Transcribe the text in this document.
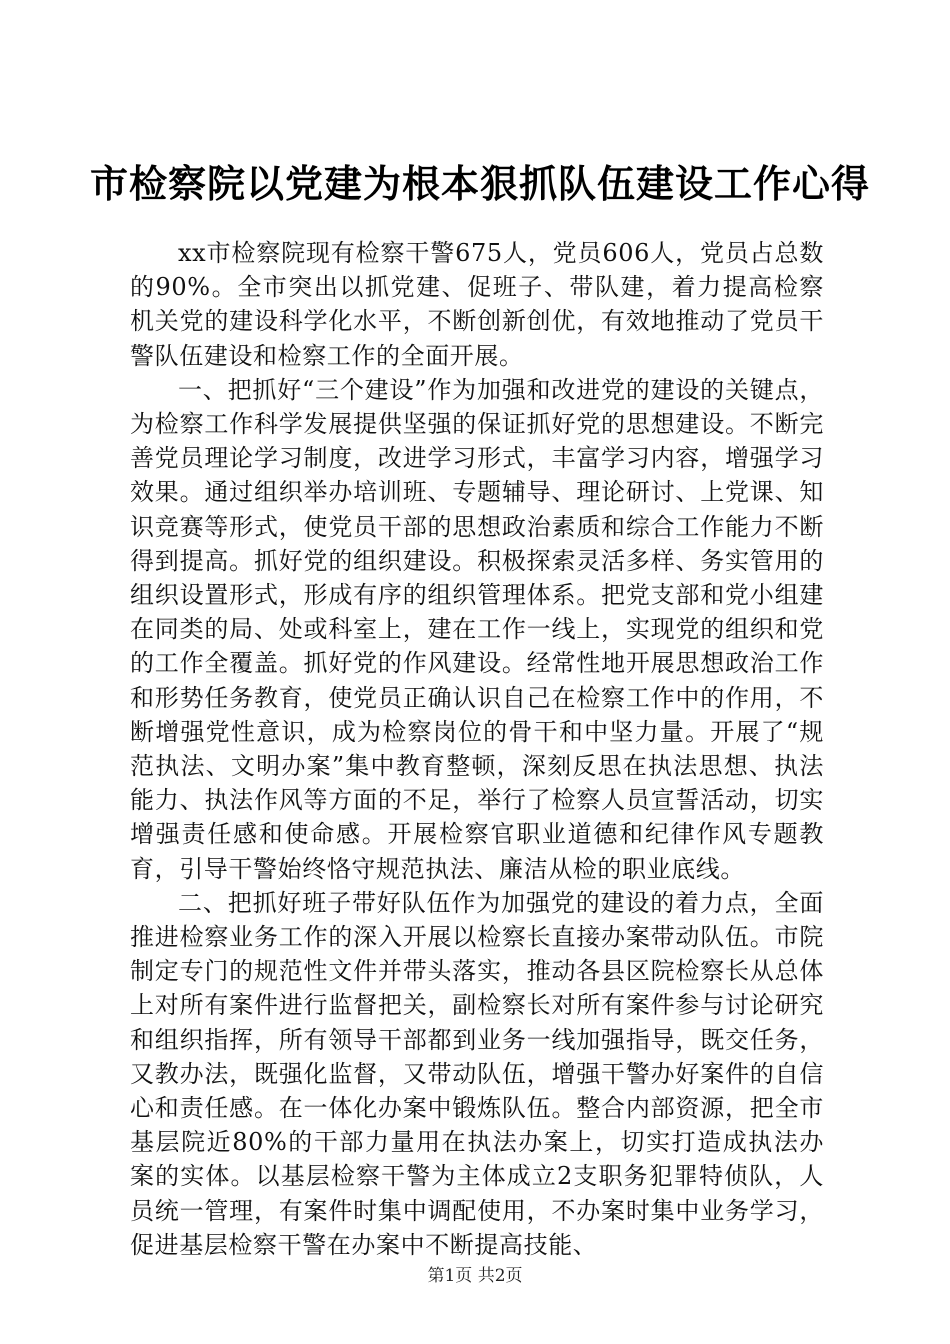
市检察院以党建为根本狠抓队伍建设工作心得

xx市检察院现有检察干警675人，党员606人，党员占总数的90%。全市突出以抓党建、促班子、带队建，着力提高检察机关党的建设科学化水平，不断创新创优，有效地推动了党员干警队伍建设和检察工作的全面开展。

一、把抓好“三个建设”作为加强和改进党的建设的关键点，为检察工作科学发展提供坚强的保证抓好党的思想建设。不断完善党员理论学习制度，改进学习形式，丰富学习内容，增强学习效果。通过组织举办培训班、专题辅导、理论研讨、上党课、知识竞赛等形式，使党员干部的思想政治素质和综合工作能力不断得到提高。抓好党的组织建设。积极探索灵活多样、务实管用的组织设置形式，形成有序的组织管理体系。把党支部和党小组建在同类的局、处或科室上，建在工作一线上，实现党的组织和党的工作全覆盖。抓好党的作风建设。经常性地开展思想政治工作和形势任务教育，使党员正确认识自己在检察工作中的作用，不断增强党性意识，成为检察岗位的骨干和中坚力量。开展了“规范执法、文明办案”集中教育整顿，深刻反思在执法思想、执法能力、执法作风等方面的不足，举行了检察人员宣誓活动，切实增强责任感和使命感。开展检察官职业道德和纪律作风专题教育，引导干警始终恪守规范执法、廉洁从检的职业底线。

二、把抓好班子带好队伍作为加强党的建设的着力点，全面推进检察业务工作的深入开展以检察长直接办案带动队伍。市院制定专门的规范性文件并带头落实，推动各县区院检察长从总体上对所有案件进行监督把关，副检察长对所有案件参与讨论研究和组织指挥，所有领导干部都到业务一线加强指导，既交任务，又教办法，既强化监督，又带动队伍，增强干警办好案件的自信心和责任感。在一体化办案中锻炼队伍。整合内部资源，把全市基层院近80%的干部力量用在执法办案上，切实打造成执法办案的实体。以基层检察干警为主体成立2支职务犯罪特侦队，人员统一管理，有案件时集中调配使用，不办案时集中业务学习，促进基层检察干警在办案中不断提高技能、

第1页 共2页
